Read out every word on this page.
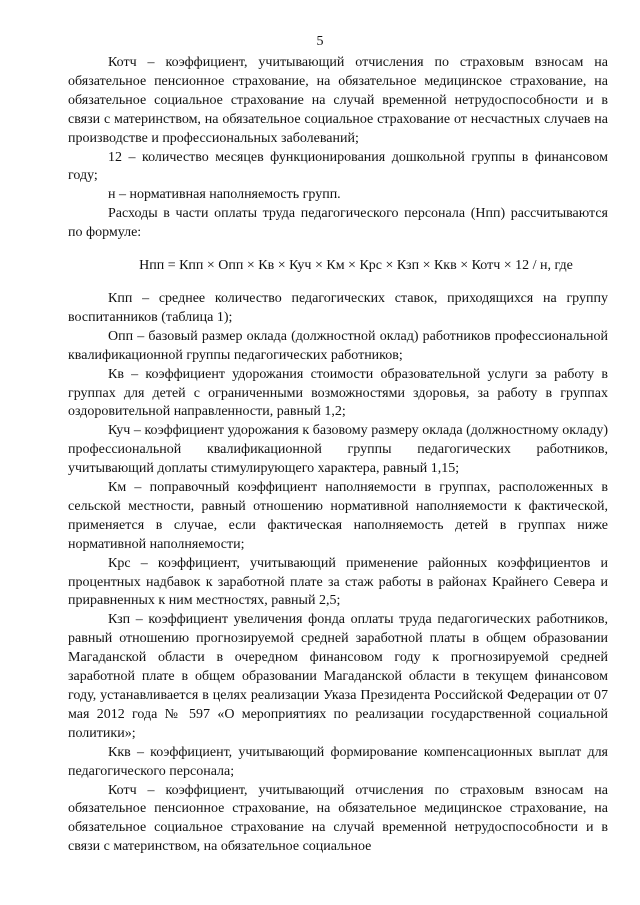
5

Котч – коэффициент, учитывающий отчисления по страховым взносам на обязательное пенсионное страхование, на обязательное медицинское страхование, на обязательное социальное страхование на случай временной нетрудоспособности и в связи с материнством, на обязательное социальное страхование от несчастных случаев на производстве и профессиональных заболеваний;

12 – количество месяцев функционирования дошкольной группы в финансовом году;

н – нормативная наполняемость групп.

Расходы в части оплаты труда педагогического персонала (Нпп) рассчитываются по формуле:

Нпп = Кпп × Опп × Кв × Куч × Км × Крс × Кзп × Ккв × Котч × 12 / н, где

Кпп – среднее количество педагогических ставок, приходящихся на группу воспитанников (таблица 1);

Опп – базовый размер оклада (должностной оклад) работников профессиональной квалификационной группы педагогических работников;

Кв – коэффициент удорожания стоимости образовательной услуги за работу в группах для детей с ограниченными возможностями здоровья, за работу в группах оздоровительной направленности, равный 1,2;

Куч – коэффициент удорожания к базовому размеру оклада (должностному окладу) профессиональной квалификационной группы педагогических работников, учитывающий доплаты стимулирующего характера, равный 1,15;

Км – поправочный коэффициент наполняемости в группах, расположенных в сельской местности, равный отношению нормативной наполняемости к фактической, применяется в случае, если фактическая наполняемость детей в группах ниже нормативной наполняемости;

Крс – коэффициент, учитывающий применение районных коэффициентов и процентных надбавок к заработной плате за стаж работы в районах Крайнего Севера и приравненных к ним местностях, равный 2,5;

Кзп – коэффициент увеличения фонда оплаты труда педагогических работников, равный отношению прогнозируемой средней заработной платы в общем образовании Магаданской области в очередном финансовом году к прогнозируемой средней заработной плате в общем образовании Магаданской области в текущем финансовом году, устанавливается в целях реализации Указа Президента Российской Федерации от 07 мая 2012 года № 597 «О мероприятиях по реализации государственной социальной политики»;

Ккв – коэффициент, учитывающий формирование компенсационных выплат для педагогического персонала;

Котч – коэффициент, учитывающий отчисления по страховым взносам на обязательное пенсионное страхование, на обязательное медицинское страхование, на обязательное социальное страхование на случай временной нетрудоспособности и в связи с материнством, на обязательное социальное
